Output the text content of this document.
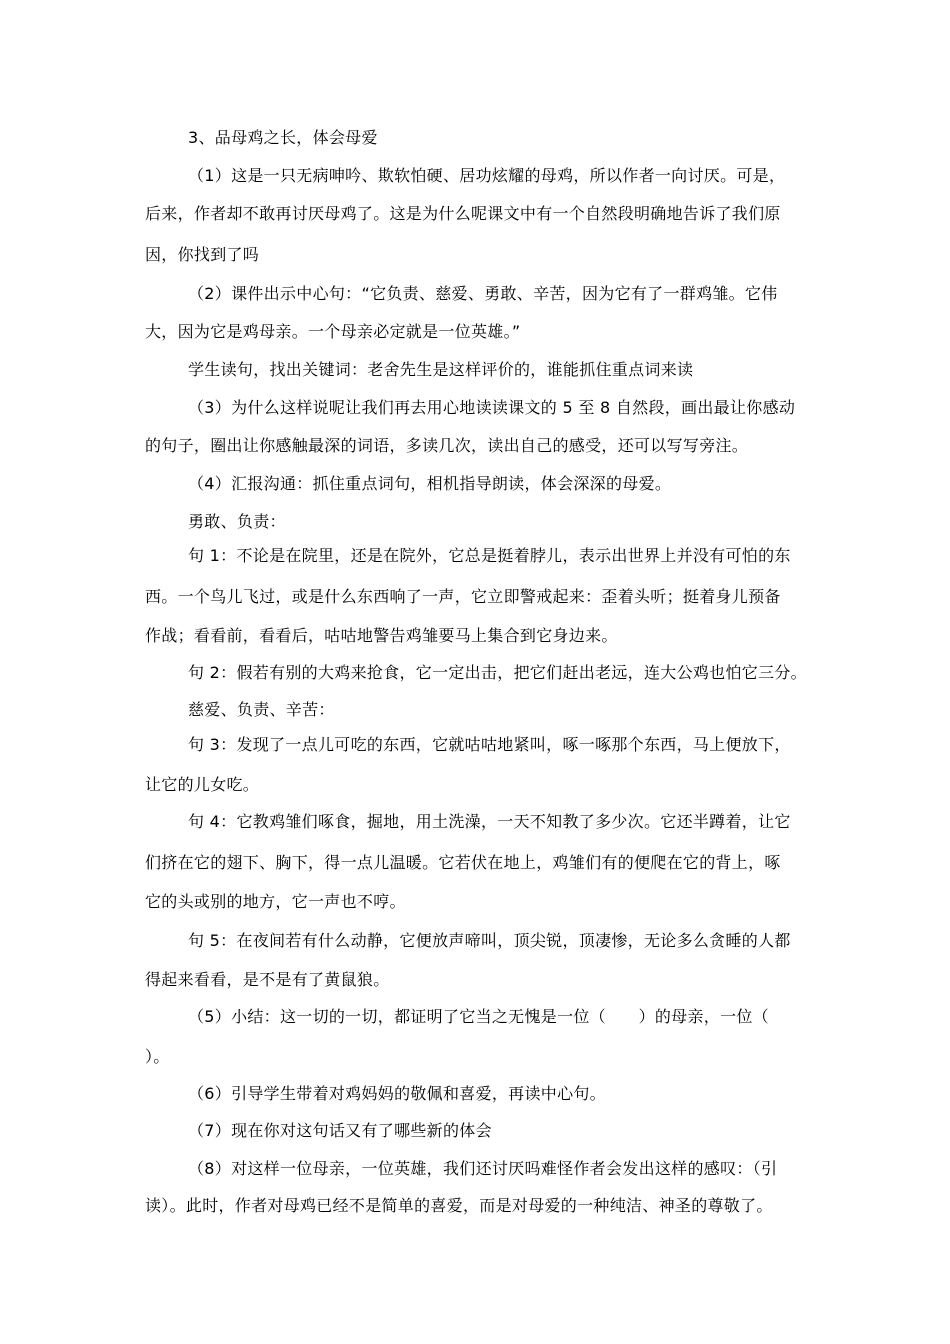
3、品母鸡之长，体会母爱
（1）这是一只无病呻吟、欺软怕硬、居功炫耀的母鸡，所以作者一向讨厌。可是，
后来，作者却不敢再讨厌母鸡了。这是为什么呢课文中有一个自然段明确地告诉了我们原
因，你找到了吗
（2）课件出示中心句：“它负责、慈爱、勇敢、辛苦，因为它有了一群鸡雏。它伟
大，因为它是鸡母亲。一个母亲必定就是一位英雄。”
学生读句，找出关键词：老舍先生是这样评价的，谁能抓住重点词来读
（3）为什么这样说呢让我们再去用心地读读课文的 5 至 8 自然段，画出最让你感动
的句子，圈出让你感触最深的词语，多读几次，读出自己的感受，还可以写写旁注。
（4）汇报沟通：抓住重点词句，相机指导朗读，体会深深的母爱。
勇敢、负责：
句 1：不论是在院里，还是在院外，它总是挺着脖儿，表示出世界上并没有可怕的东
西。一个鸟儿飞过，或是什么东西响了一声，它立即警戒起来：歪着头听；挺着身儿预备
作战；看看前，看看后，咕咕地警告鸡雏要马上集合到它身边来。
句 2：假若有别的大鸡来抢食，它一定出击，把它们赶出老远，连大公鸡也怕它三分。
慈爱、负责、辛苦：
句 3：发现了一点儿可吃的东西，它就咕咕地紧叫，啄一啄那个东西，马上便放下，
让它的儿女吃。
句 4：它教鸡雏们啄食，掘地，用土洗澡，一天不知教了多少次。它还半蹲着，让它
们挤在它的翅下、胸下，得一点儿温暖。它若伏在地上，鸡雏们有的便爬在它的背上，啄
它的头或别的地方，它一声也不哼。
句 5：在夜间若有什么动静，它便放声啼叫，顶尖锐，顶凄惨，无论多么贪睡的人都
得起来看看，是不是有了黄鼠狼。
（5）小结：这一切的一切，都证明了它当之无愧是一位（　　）的母亲，一位（
）。
（6）引导学生带着对鸡妈妈的敬佩和喜爱，再读中心句。
（7）现在你对这句话又有了哪些新的体会
（8）对这样一位母亲，一位英雄，我们还讨厌吗难怪作者会发出这样的感叹：（引
读）。此时，作者对母鸡已经不是简单的喜爱，而是对母爱的一种纯洁、神圣的尊敬了。
